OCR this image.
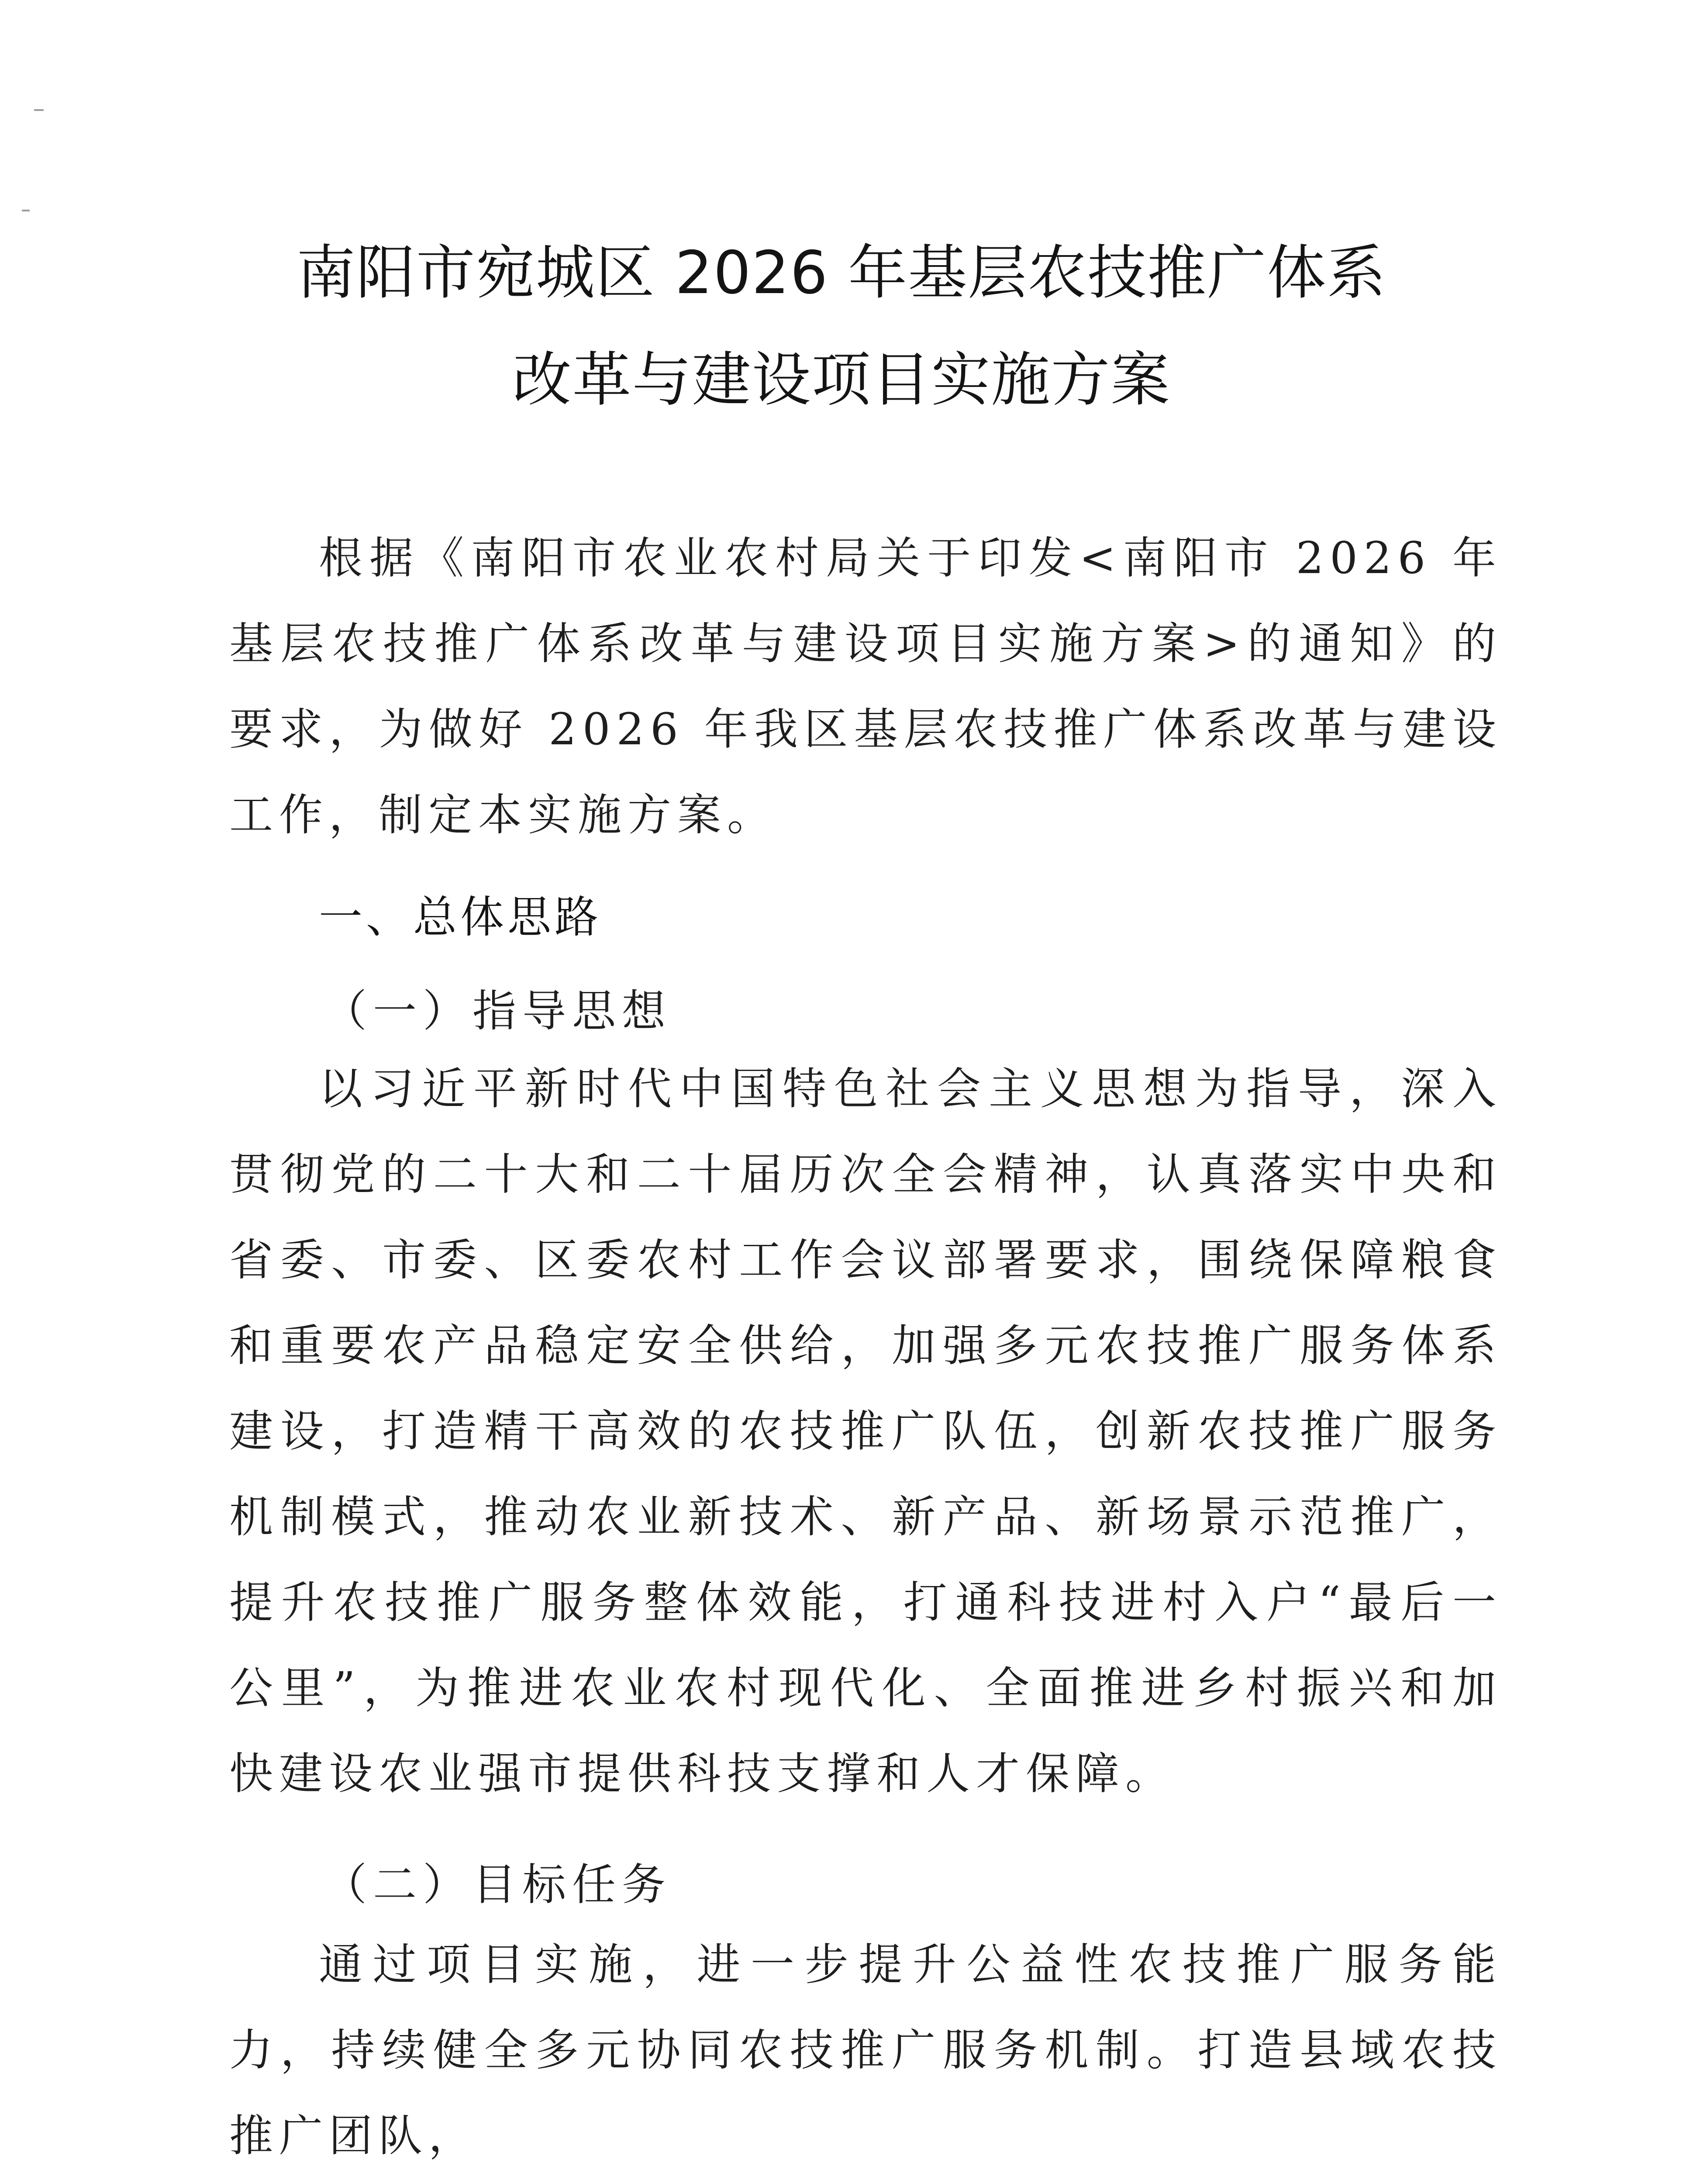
南阳市宛城区 2026 年基层农技推广体系
改革与建设项目实施方案

根据《南阳市农业农村局关于印发<南阳市 2026 年基层农技推广体系改革与建设项目实施方案>的通知》的要求，为做好 2026 年我区基层农技推广体系改革与建设工作，制定本实施方案。

一、总体思路
（一）指导思想

以习近平新时代中国特色社会主义思想为指导，深入贯彻党的二十大和二十届历次全会精神，认真落实中央和省委、市委、区委农村工作会议部署要求，围绕保障粮食和重要农产品稳定安全供给，加强多元农技推广服务体系建设，打造精干高效的农技推广队伍，创新农技推广服务机制模式，推动农业新技术、新产品、新场景示范推广，提升农技推广服务整体效能，打通科技进村入户“最后一公里”，为推进农业农村现代化、全面推进乡村振兴和加快建设农业强市提供科技支撑和人才保障。

（二）目标任务

通过项目实施，进一步提升公益性农技推广服务能力，持续健全多元协同农技推广服务机制。打造县域农技推广团队，
